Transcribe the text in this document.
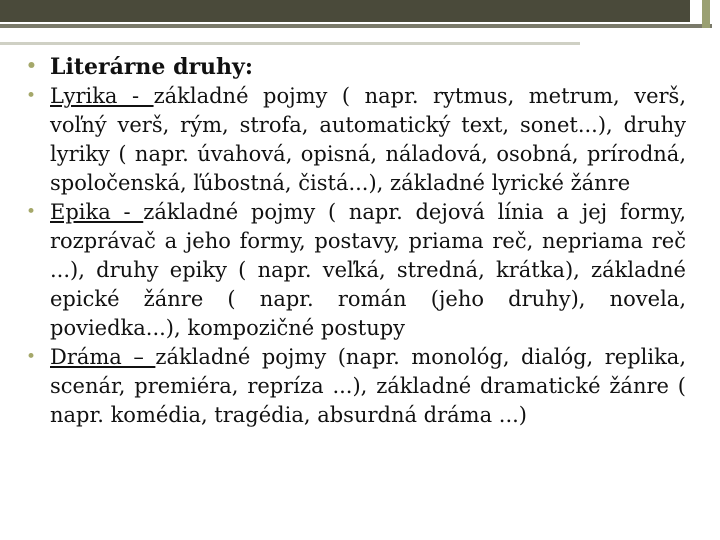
• Literárne druhy:
• Lyrika - základné pojmy ( napr. rytmus, metrum, verš, voľný verš, rým, strofa, automatický text, sonet...), druhy lyriky ( napr. úvahová, opisná, náladová, osobná, prírodná, spoločenská, ľúbostná, čistá...), základné lyrické žánre
• Epika - základné pojmy ( napr. dejová línia a jej formy, rozprávač a jeho formy, postavy, priama reč, nepriama reč ...), druhy epiky ( napr. veľká, stredná, krátka), základné epické žánre ( napr. román (jeho druhy), novela, poviedka...), kompozičné postupy
• Dráma – základné pojmy (napr. monológ, dialóg, replika, scenár, premiéra, repríza ...), základné dramatické žánre ( napr. komédia, tragédia, absurdná dráma ...)
